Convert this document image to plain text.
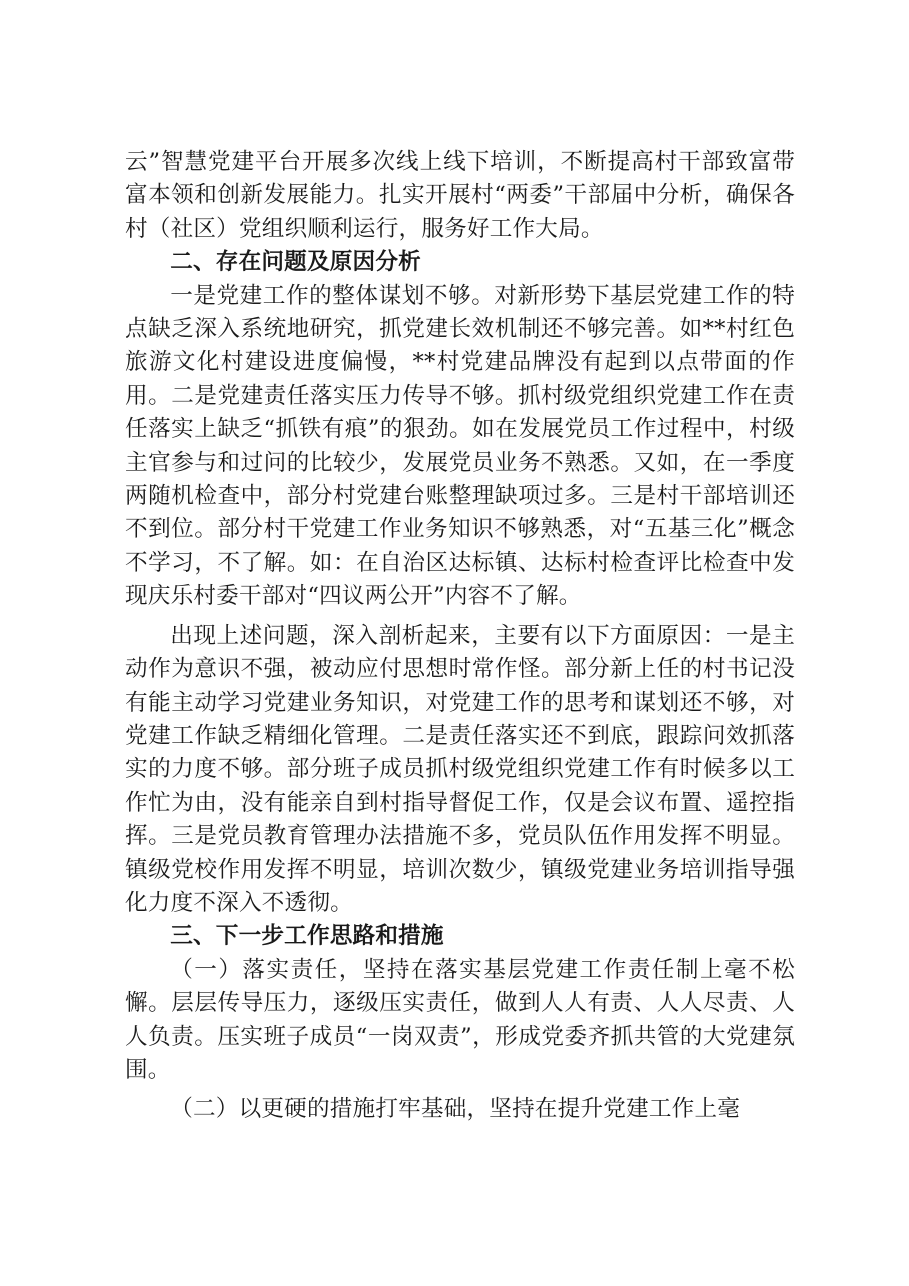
云”智慧党建平台开展多次线上线下培训，不断提高村干部致富带富本领和创新发展能力。扎实开展村“两委”干部届中分析，确保各村（社区）党组织顺利运行，服务好工作大局。

二、存在问题及原因分析

一是党建工作的整体谋划不够。对新形势下基层党建工作的特点缺乏深入系统地研究，抓党建长效机制还不够完善。如**村红色旅游文化村建设进度偏慢，**村党建品牌没有起到以点带面的作用。二是党建责任落实压力传导不够。抓村级党组织党建工作在责任落实上缺乏“抓铁有痕”的狠劲。如在发展党员工作过程中，村级主官参与和过问的比较少，发展党员业务不熟悉。又如，在一季度两随机检查中，部分村党建台账整理缺项过多。三是村干部培训还不到位。部分村干党建工作业务知识不够熟悉，对“五基三化”概念不学习，不了解。如：在自治区达标镇、达标村检查评比检查中发现庆乐村委干部对“四议两公开”内容不了解。

出现上述问题，深入剖析起来，主要有以下方面原因：一是主动作为意识不强，被动应付思想时常作怪。部分新上任的村书记没有能主动学习党建业务知识，对党建工作的思考和谋划还不够，对党建工作缺乏精细化管理。二是责任落实还不到底，跟踪问效抓落实的力度不够。部分班子成员抓村级党组织党建工作有时候多以工作忙为由，没有能亲自到村指导督促工作，仅是会议布置、遥控指挥。三是党员教育管理办法措施不多，党员队伍作用发挥不明显。镇级党校作用发挥不明显，培训次数少，镇级党建业务培训指导强化力度不深入不透彻。

三、下一步工作思路和措施

（一）落实责任，坚持在落实基层党建工作责任制上毫不松懈。层层传导压力，逐级压实责任，做到人人有责、人人尽责、人人负责。压实班子成员“一岗双责”，形成党委齐抓共管的大党建氛围。

（二）以更硬的措施打牢基础，坚持在提升党建工作上毫
